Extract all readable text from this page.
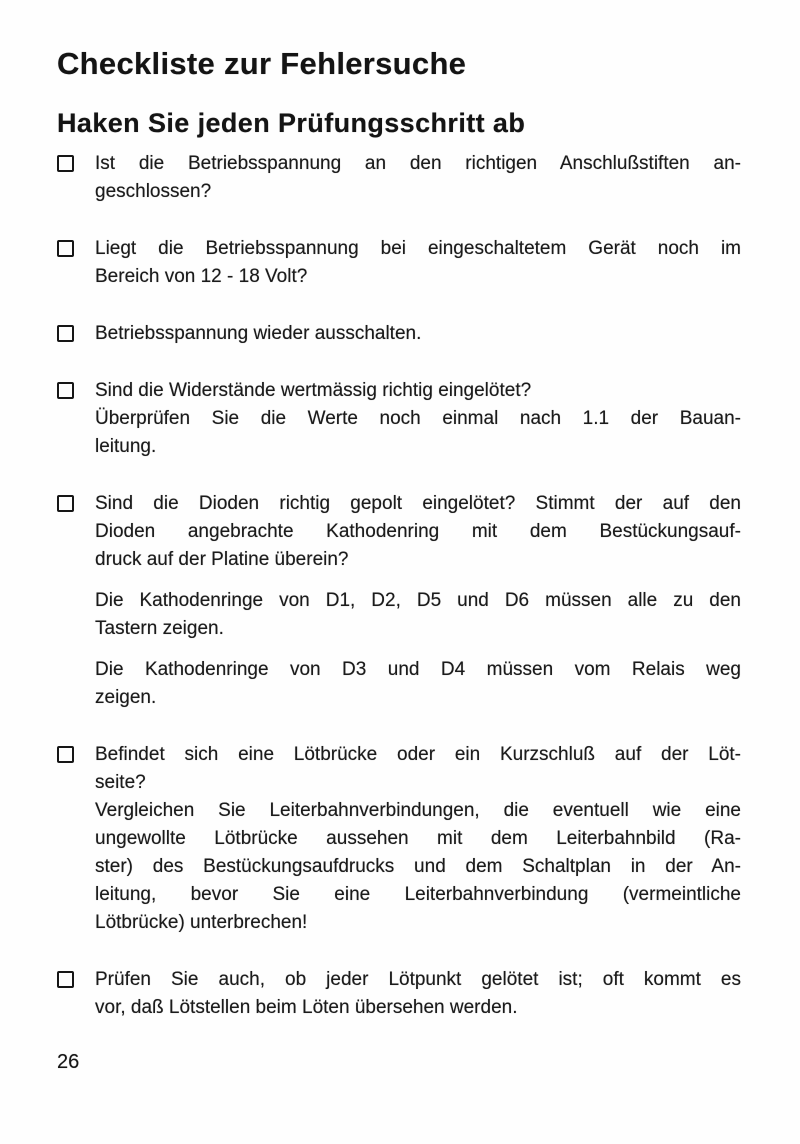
Checkliste zur Fehlersuche
Haken Sie jeden Prüfungsschritt ab
Ist die Betriebsspannung an den richtigen Anschlußstiften an-
geschlossen?
Liegt die Betriebsspannung bei eingeschaltetem Gerät noch im
Bereich von 12 - 18 Volt?
Betriebsspannung wieder ausschalten.
Sind die Widerstände wertmässig richtig eingelötet?
Überprüfen Sie die Werte noch einmal nach 1.1 der Bauan-
leitung.
Sind die Dioden richtig gepolt eingelötet? Stimmt der auf den
Dioden angebrachte Kathodenring mit dem Bestückungsauf-
druck auf der Platine überein?
Die Kathodenringe von D1, D2, D5 und D6 müssen alle zu den
Tastern zeigen.
Die Kathodenringe von D3 und D4 müssen vom Relais weg
zeigen.
Befindet sich eine Lötbrücke oder ein Kurzschluß auf der Löt-
seite?
Vergleichen Sie Leiterbahnverbindungen, die eventuell wie eine
ungewollte Lötbrücke aussehen mit dem Leiterbahnbild (Ra-
ster) des Bestückungsaufdrucks und dem Schaltplan in der An-
leitung, bevor Sie eine Leiterbahnverbindung (vermeintliche
Lötbrücke) unterbrechen!
Prüfen Sie auch, ob jeder Lötpunkt gelötet ist; oft kommt es
vor, daß Lötstellen beim Löten übersehen werden.
26
